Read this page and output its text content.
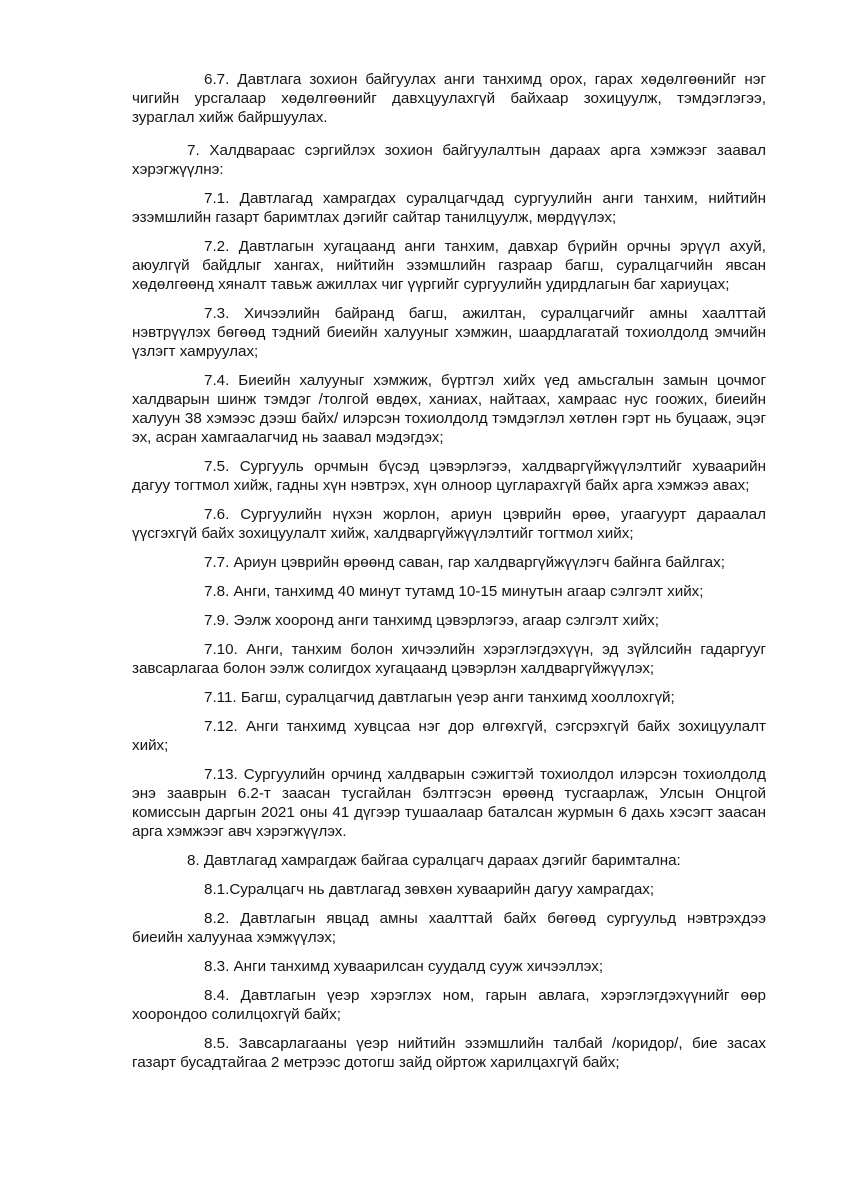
6.7. Давтлага зохион байгуулах анги танхимд орох, гарах хөдөлгөөнийг нэг чигийн урсгалаар хөдөлгөөнийг давхцуулахгүй байхаар зохицуулж, тэмдэглэгээ, зураглал хийж байршуулах.

7. Халдвараас сэргийлэх зохион байгуулалтын дараах арга хэмжээг заавал хэрэгжүүлнэ:

7.1. Давтлагад хамрагдах суралцагчдад сургуулийн анги танхим, нийтийн эзэмшлийн газарт баримтлах дэгийг сайтар танилцуулж, мөрдүүлэх;

7.2. Давтлагын хугацаанд анги танхим, давхар бүрийн орчны эрүүл ахуй, аюулгүй байдлыг хангах, нийтийн эзэмшлийн газраар багш, суралцагчийн явсан хөдөлгөөнд хяналт тавьж ажиллах чиг үүргийг сургуулийн удирдлагын баг хариуцах;

7.3. Хичээлийн байранд багш, ажилтан, суралцагчийг амны хаалттай нэвтрүүлэх бөгөөд тэдний биеийн халууныг хэмжин, шаардлагатай тохиолдолд эмчийн үзлэгт хамруулах;

7.4. Биеийн халууныг хэмжиж, бүртгэл хийх үед амьсгалын замын цочмог халдварын шинж тэмдэг /толгой өвдөх, ханиах, найтаах, хамраас нус гоожих, биеийн халуун 38 хэмээс дээш байх/ илэрсэн тохиолдолд тэмдэглэл хөтлөн гэрт нь буцааж, эцэг эх, асран хамгаалагчид нь заавал мэдэгдэх;

7.5. Сургууль орчмын бүсэд цэвэрлэгээ, халдваргүйжүүлэлтийг хуваарийн дагуу тогтмол хийж, гадны хүн нэвтрэх, хүн олноор цугларахгүй байх арга хэмжээ авах;

7.6. Сургуулийн нүхэн жорлон, ариун цэврийн өрөө, угаагуурт дараалал үүсгэхгүй байх зохицуулалт хийж, халдваргүйжүүлэлтийг тогтмол хийх;

7.7. Ариун цэврийн өрөөнд саван, гар халдваргүйжүүлэгч байнга байлгах;

7.8. Анги, танхимд 40 минут тутамд 10-15 минутын агаар сэлгэлт хийх;

7.9. Ээлж хооронд анги танхимд цэвэрлэгээ, агаар сэлгэлт хийх;

7.10. Анги, танхим болон хичээлийн хэрэглэгдэхүүн, эд зүйлсийн гадаргууг завсарлагаа болон ээлж солигдох хугацаанд цэвэрлэн халдваргүйжүүлэх;

7.11. Багш, суралцагчид давтлагын үеэр анги танхимд хооллохгүй;

7.12. Анги танхимд хувцсаа нэг дор өлгөхгүй, сэгсрэхгүй байх зохицуулалт хийх;

7.13. Сургуулийн орчинд халдварын сэжигтэй тохиолдол илэрсэн тохиолдолд энэ зааврын 6.2-т заасан тусгайлан бэлтгэсэн өрөөнд тусгаарлаж, Улсын Онцгой комиссын даргын 2021 оны 41 дүгээр тушаалаар баталсан журмын 6 дахь хэсэгт заасан арга хэмжээг авч хэрэгжүүлэх.

8. Давтлагад хамрагдаж байгаа суралцагч дараах дэгийг баримтална:

8.1.Суралцагч нь давтлагад зөвхөн хуваарийн дагуу хамрагдах;

8.2. Давтлагын явцад амны хаалттай байх бөгөөд сургуульд нэвтрэхдээ биеийн халуунаа хэмжүүлэх;

8.3. Анги танхимд хуваарилсан суудалд сууж хичээллэх;

8.4. Давтлагын үеэр хэрэглэх ном, гарын авлага, хэрэглэгдэхүүнийг өөр хоорондоо солилцохгүй байх;

8.5. Завсарлагааны үеэр нийтийн эзэмшлийн талбай /коридор/, бие засах газарт бусадтайгаа 2 метрээс дотогш зайд ойртож харилцахгүй байх;
